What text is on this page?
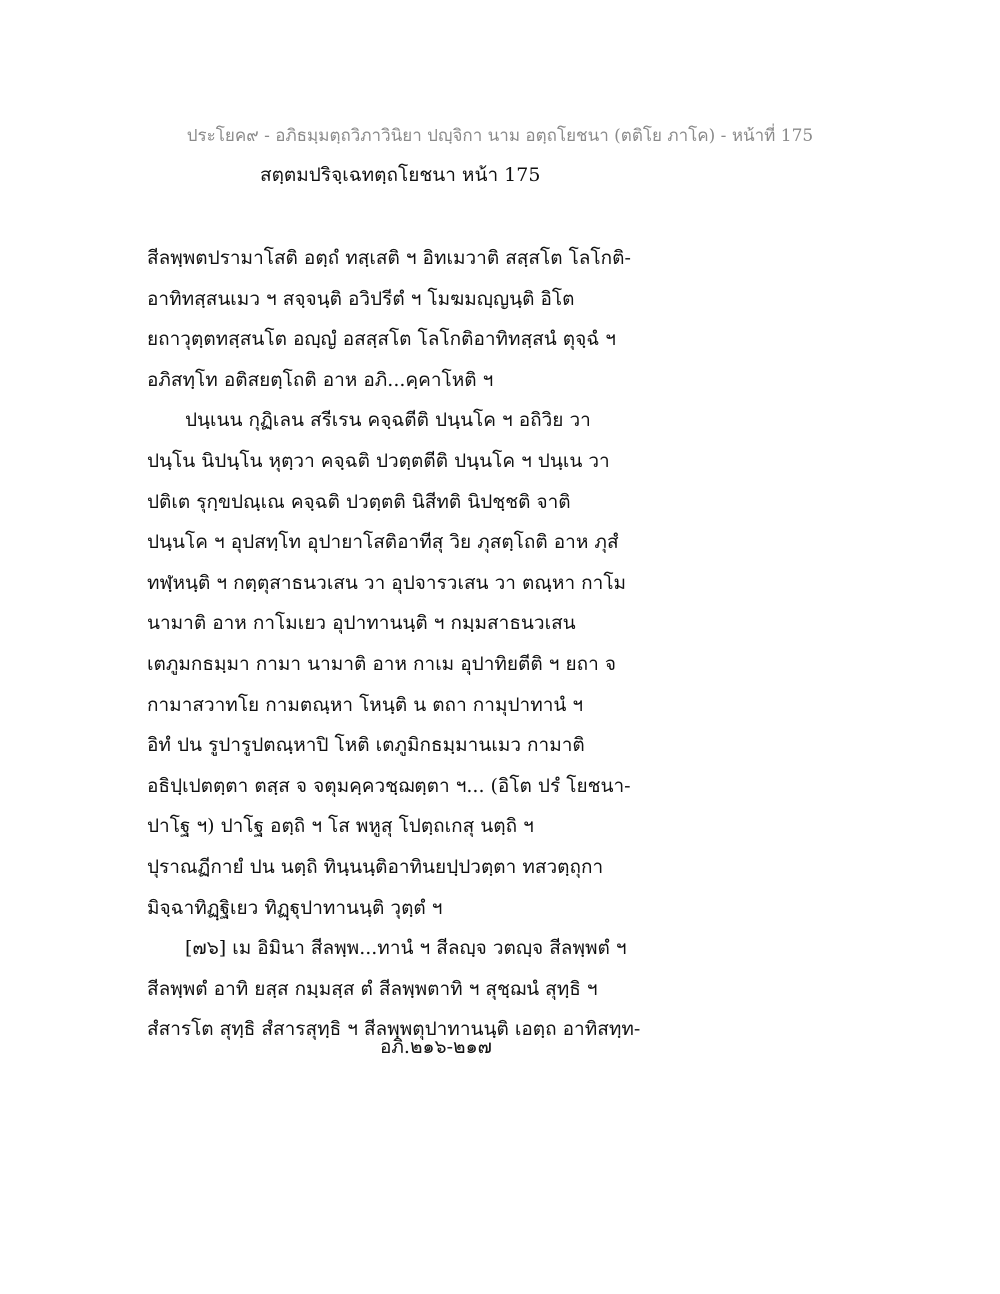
ประโยค๙ - อภิธมฺมตฺถวิภาวินิยา ปญฺจิกา นาม อตฺถโยชนา (ตติโย ภาโค) - หน้าที่ 175
สตฺตมปริจฺเฉทตฺถโยชนา หน้า 175
สีลพฺพตปรามาโสติ อตฺถํ ทสฺเสติ ฯ อิทเมวาติ สสฺสโต โลโกติ-
อาทิทสฺสนเมว ฯ สจฺจนฺติ อวิปรีตํ ฯ โมฆมญฺญนฺติ อิโต
ยถาวุตฺตทสฺสนโต อญฺญํ อสสฺสโต โลโกติอาทิทสฺสนํ ตุจฺฉํ ฯ
อภิสทฺโท อติสยตฺโถติ อาห อภิ...คฺคาโหติ ฯ
ปนฺเนน กุฏิเลน สรีเรน คจฺฉตีติ ปนฺนโค ฯ อถิวิย วา
ปนฺโน นิปนฺโน หุตฺวา คจฺฉติ ปวตฺตตีติ ปนฺนโค ฯ ปนฺเน วา
ปติเต รุกฺขปณฺเณ คจฺฉติ ปวตฺตติ นิสีทติ นิปชฺชติ จาติ
ปนฺนโค ฯ อุปสทฺโท อุปายาโสติอาทีสุ วิย ภุสตฺโถติ อาห ภุสํ
ทฬฺหนฺติ ฯ กตฺตุสาธนวเสน วา อุปจารวเสน วา ตณฺหา กาโม
นามาติ อาห กาโมเยว อุปาทานนฺติ ฯ กมฺมสาธนวเสน
เตภูมกธมฺมา กามา นามาติ อาห กาเม อุปาทิยตีติ ฯ ยถา จ
กามาสวาทโย กามตณฺหา โหนฺติ น ตถา กามุปาทานํ ฯ
อิทํ ปน รูปารูปตณฺหาปิ โหติ เตภูมิกธมฺมานเมว กามาติ
อธิปฺเปตตฺตา ตสฺส จ จตุมคฺควชฺฌตฺตา ฯ... (อิโต ปรํ โยชนา-
ปาโฐ ฯ) ปาโฐ อตฺถิ ฯ โส พหูสุ โปตฺถเกสุ นตฺถิ ฯ
ปุราณฏีกายํ ปน นตฺถิ ทินฺนนฺติอาทินยปฺปวตฺตา ทสวตฺถุกา
มิจฺฉาทิฏฺฐิเยว ทิฏฺฐุปาทานนฺติ วุตฺตํ ฯ
[๗๖] เม อิมินา สีลพฺพ...ทานํ ฯ สีลญฺจ วตญฺจ สีลพฺพตํ ฯ
สีลพฺพตํ อาทิ ยสฺส กมฺมสฺส ตํ สีลพฺพตาทิ ฯ สุชฺฌนํ สุทฺธิ ฯ
สํสารโต สุทฺธิ สํสารสุทฺธิ ฯ สีลพฺพตุปาทานนฺติ เอตฺถ อาทิสทฺท-
อภิ.๒๑๖-๒๑๗
